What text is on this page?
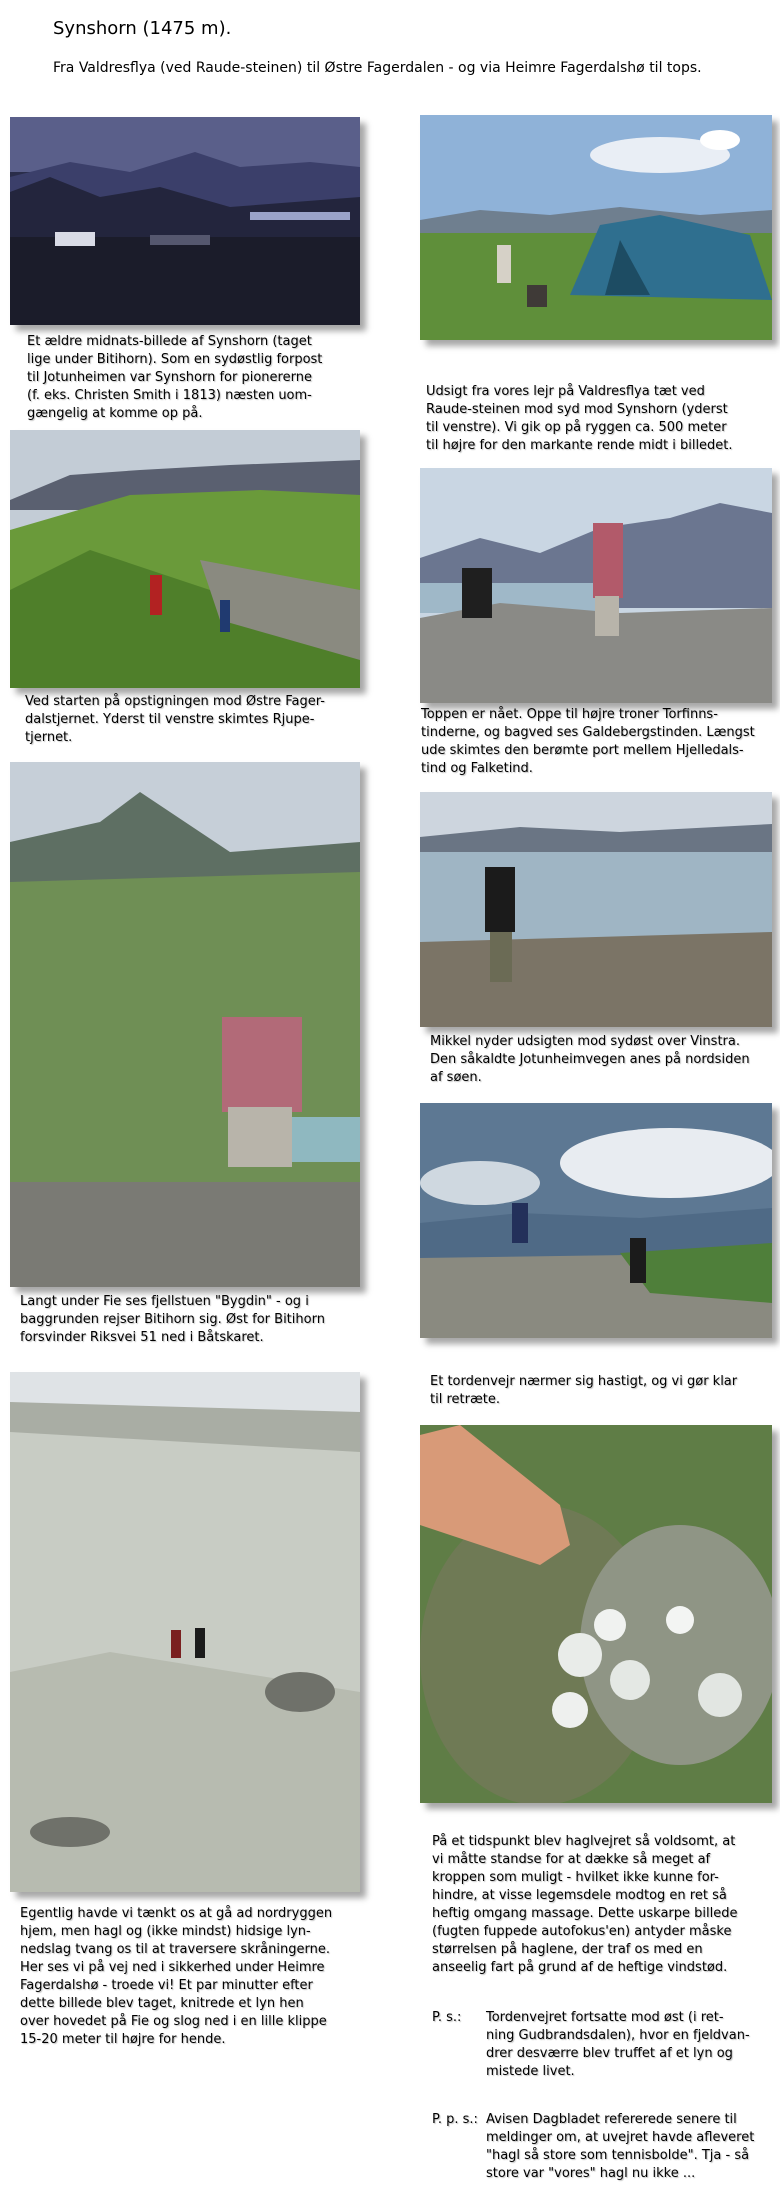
Synshorn (1475 m).
Fra Valdresflya (ved Raude-steinen) til Østre Fagerdalen - og via Heimre Fagerdalshø til tops.
Et ældre midnats-billede af Synshorn (taget
lige under Bitihorn). Som en sydøstlig forpost
til Jotunheimen var Synshorn for pionererne
(f. eks. Christen Smith i 1813) næsten uom-
gængelig at komme op på.
Udsigt fra vores lejr på Valdresflya tæt ved
Raude-steinen mod syd mod Synshorn (yderst
til venstre). Vi gik op på ryggen ca. 500 meter
til højre for den markante rende midt i billedet.
Ved starten på opstigningen mod Østre Fager-
dalstjernet. Yderst til venstre skimtes Rjupe-
tjernet.
Toppen er nået. Oppe til højre troner Torfinns-
tinderne, og bagved ses Galdebergstinden. Længst
ude skimtes den berømte port mellem Hjelledals-
tind og Falketind.
Langt under Fie ses fjellstuen "Bygdin" - og i
baggrunden rejser Bitihorn sig. Øst for Bitihorn
forsvinder Riksvei 51 ned i Båtskaret.
Mikkel nyder udsigten mod sydøst over Vinstra.
Den såkaldte Jotunheimvegen anes på nordsiden
af søen.
Et tordenvejr nærmer sig hastigt, og vi gør klar
til retræte.
Egentlig havde vi tænkt os at gå ad nordryggen
hjem, men hagl og (ikke mindst) hidsige lyn-
nedslag tvang os til at traversere skråningerne.
Her ses vi på vej ned i sikkerhed under Heimre
Fagerdalshø - troede vi! Et par minutter efter
dette billede blev taget, knitrede et lyn hen
over hovedet på Fie og slog ned i en lille klippe
15-20 meter til højre for hende.

På et tidspunkt blev haglvejret så voldsomt, at
vi måtte standse for at dække så meget af
kroppen som muligt - hvilket ikke kunne for-
hindre, at visse legemsdele modtog en ret så
heftig omgang massage. Dette uskarpe billede
(fugten fuppede autofokus'en) antyder måske
størrelsen på haglene, der traf os med en
anseelig fart på grund af de heftige vindstød.

P. s.:	Tordenvejret fortsatte mod øst (i ret-
ning Gudbrandsdalen), hvor en fjeldvan-
drer desværre blev truffet af et lyn og
mistede livet.

P. p. s.: Avisen Dagbladet refererede senere til
meldinger om, at uvejret havde afleveret
"hagl så store som tennisbolde". Tja - så
store var "vores" hagl nu ikke ...
